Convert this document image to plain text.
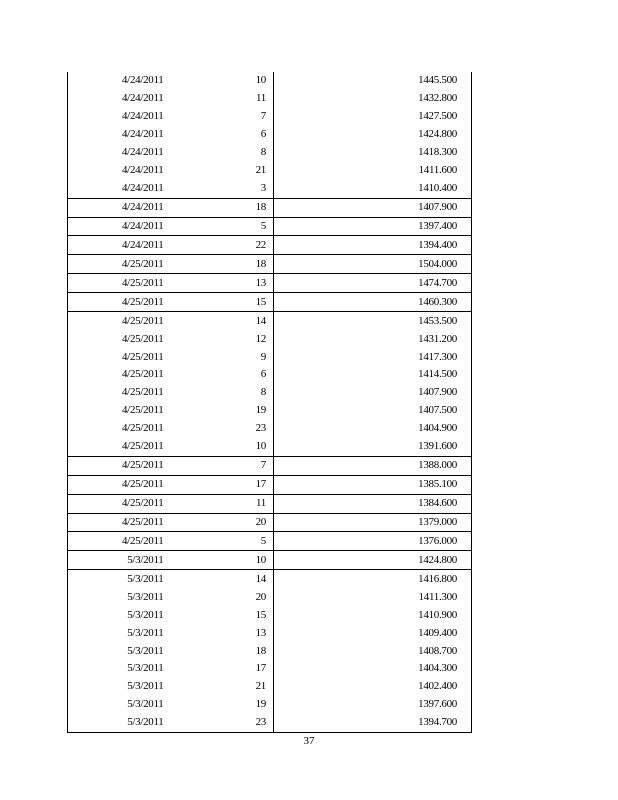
4/24/2011	10	1445.500
4/24/2011	11	1432.800
4/24/2011	7	1427.500
4/24/2011	6	1424.800
4/24/2011	8	1418.300
4/24/2011	21	1411.600
4/24/2011	3	1410.400
4/24/2011	18	1407.900
4/24/2011	5	1397.400
4/24/2011	22	1394.400
4/25/2011	18	1504.000
4/25/2011	13	1474.700
4/25/2011	15	1460.300
4/25/2011	14	1453.500
4/25/2011	12	1431.200
4/25/2011	9	1417.300
4/25/2011	6	1414.500
4/25/2011	8	1407.900
4/25/2011	19	1407.500
4/25/2011	23	1404.900
4/25/2011	10	1391.600
4/25/2011	7	1388.000
4/25/2011	17	1385.100
4/25/2011	11	1384.600
4/25/2011	20	1379.000
4/25/2011	5	1376.000
5/3/2011	10	1424.800
5/3/2011	14	1416.800
5/3/2011	20	1411.300
5/3/2011	15	1410.900
5/3/2011	13	1409.400
5/3/2011	18	1408.700
5/3/2011	17	1404.300
5/3/2011	21	1402.400
5/3/2011	19	1397.600
5/3/2011	23	1394.700
37
